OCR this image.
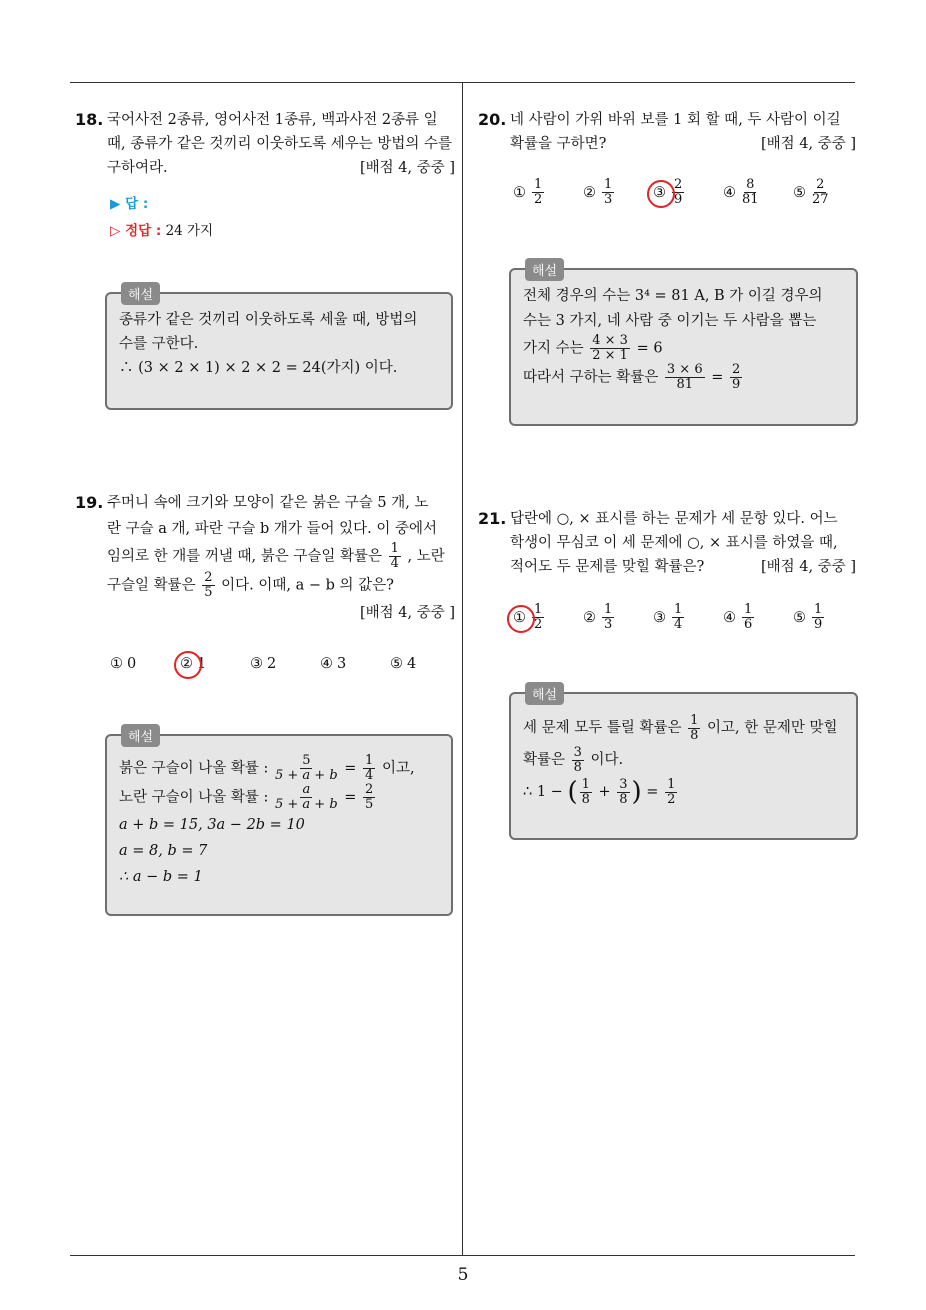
5
18. 국어사전 2종류, 영어사전 1종류, 백과사전 2종류 일 때, 종류가 같은 것끼리 이웃하도록 세우는 방법의 수를 구하여라.	[배점 4, 중중 ]
▶ 답 :
▷ 정답 : 24 가지
해설
종류가 같은 것끼리 이웃하도록 세울 때, 방법의
수를 구한다.
∴ (3 × 2 × 1) × 2 × 2 = 24(가지) 이다.
19. 주머니 속에 크기와 모양이 같은 붉은 구슬 5 개, 노
란 구슬 a 개, 파란 구슬 b 개가 들어 있다. 이 중에서
임의로 한 개를 꺼낼 때, 붉은 구슬일 확률은 $\frac{1}{4}$ , 노란
구슬일 확률은 $\frac{2}{5}$ 이다. 이때, a − b 의 값은?
[배점 4, 중중 ]
① 0	② 1	③ 2	④ 3	⑤ 4
해설
붉은 구슬이 나올 확률 : $\frac{5}{5 + a + b} = \frac{1}{4}$ 이고,
노란 구슬이 나올 확률 : $\frac{a}{5 + a + b} = \frac{2}{5}$
a + b = 15, 3a − 2b = 10
a = 8, b = 7
∴ a − b = 1
20. 네 사람이 가위 바위 보를 1 회 할 때, 두 사람이 이길 확률을 구하면?	[배점 4, 중중 ]
① $\frac{1}{2}$	② $\frac{1}{3}$	③ $\frac{2}{9}$	④ $\frac{8}{81}$ ⑤ $\frac{2}{27}$
해설
전체 경우의 수는 3⁴ = 81 A, B 가 이길 경우의
수는 3 가지, 네 사람 중 이기는 두 사람을 뽑는
가지 수는 $\frac{4 \times 3}{2 \times 1} = 6$
따라서 구하는 확률은 $\frac{3 \times 6}{81} = \frac{2}{9}$
21. 답란에 ○, × 표시를 하는 문제가 세 문항 있다. 어느 학생이 무심코 이 세 문제에 ○, × 표시를 하였을 때, 적어도 두 문제를 맞힐 확률은?	[배점 4, 중중 ]
① $\frac{1}{2}$	② $\frac{1}{3}$	③ $\frac{1}{4}$	④ $\frac{1}{6}$	⑤ $\frac{1}{9}$
해설
세 문제 모두 틀릴 확률은 $\frac{1}{8}$ 이고, 한 문제만 맞힐
확률은 $\frac{3}{8}$ 이다.
∴ 1 − ( $\frac{1}{8} + \frac{3}{8}$ ) = $\frac{1}{2}$
